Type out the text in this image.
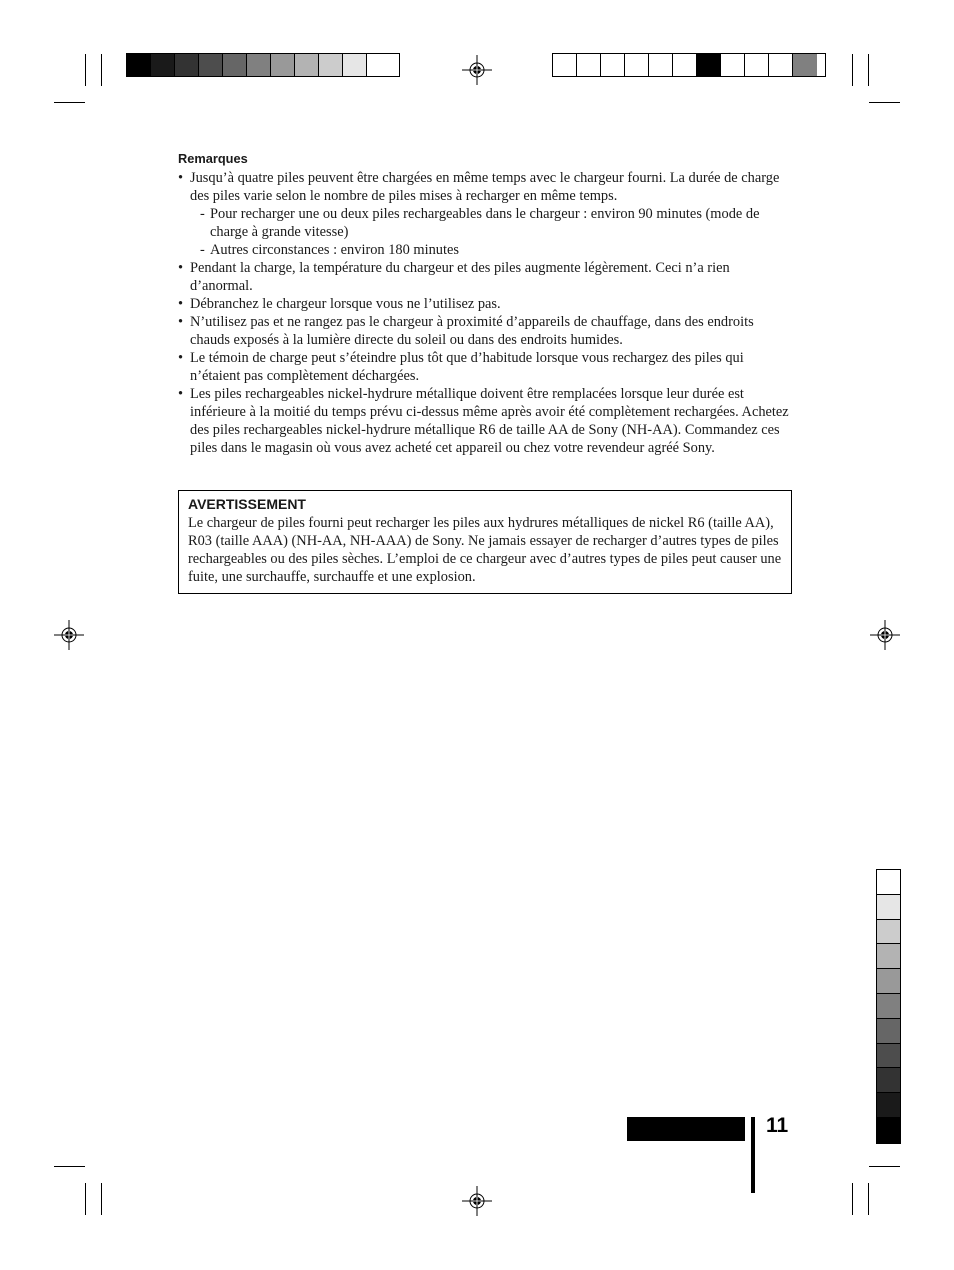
Remarques
• Jusqu’à quatre piles peuvent être chargées en même temps avec le chargeur fourni. La durée de charge des piles varie selon le nombre de piles mises à recharger en même temps.
- Pour recharger une ou deux piles rechargeables dans le chargeur : environ 90 minutes (mode de charge à grande vitesse)
- Autres circonstances : environ 180 minutes
• Pendant la charge, la température du chargeur et des piles augmente légèrement. Ceci n’a rien d’anormal.
• Débranchez le chargeur lorsque vous ne l’utilisez pas.
• N’utilisez pas et ne rangez pas le chargeur à proximité d’appareils de chauffage, dans des endroits chauds exposés à la lumière directe du soleil ou dans des endroits humides.
• Le témoin de charge peut s’éteindre plus tôt que d’habitude lorsque vous rechargez des piles qui n’étaient pas complètement déchargées.
• Les piles rechargeables nickel-hydrure métallique doivent être remplacées lorsque leur durée est inférieure à la moitié du temps prévu ci-dessus même après avoir été complètement rechargées. Achetez des piles rechargeables nickel-hydrure métallique R6 de taille AA de Sony (NH-AA). Commandez ces piles dans le magasin où vous avez acheté cet appareil ou chez votre revendeur agréé Sony.
AVERTISSEMENT

Le chargeur de piles fourni peut recharger les piles aux hydrures métalliques de nickel R6 (taille AA), R03 (taille AAA) (NH-AA, NH-AAA) de Sony. Ne jamais essayer de recharger d’autres types de piles rechargeables ou des piles sèches. L’emploi de ce chargeur avec d’autres types de piles peut causer une fuite, une surchauffe, surchauffe et une explosion.

11
